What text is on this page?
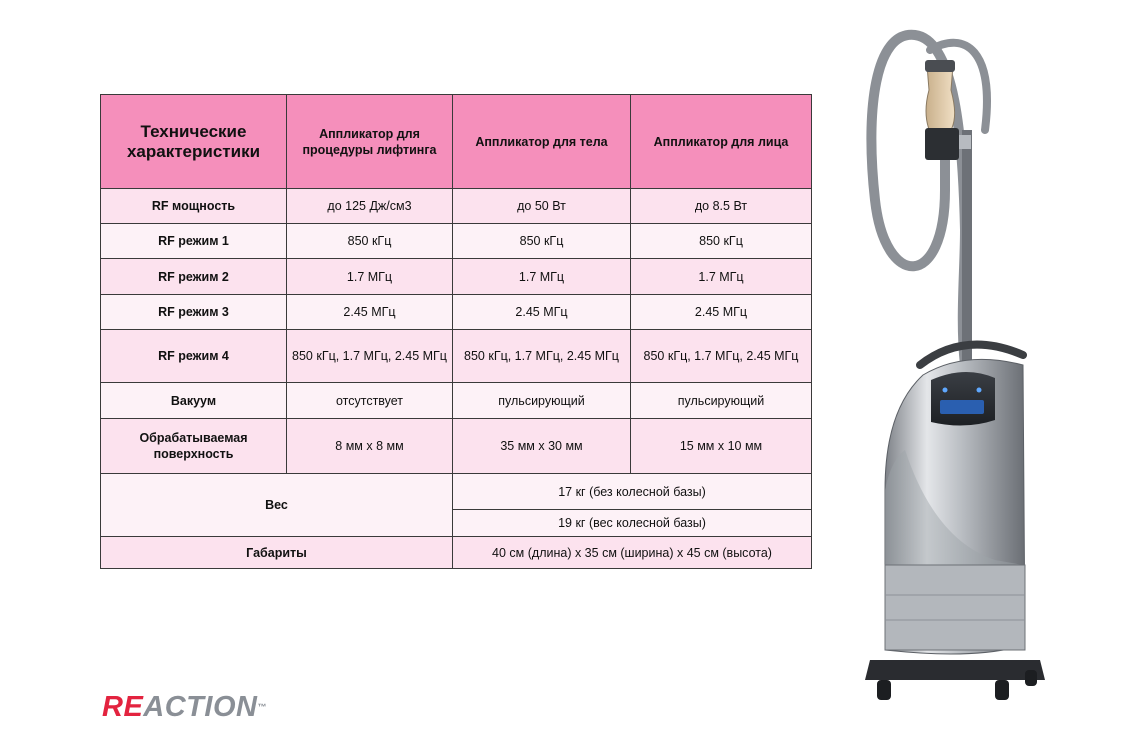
Технические характеристики	Аппликатор для процедуры лифтинга	Аппликатор для тела	Аппликатор для лица
RF мощность	до 125 Дж/см3	до 50 Вт	до 8.5 Вт
RF режим 1	850 кГц	850 кГц	850 кГц
RF режим 2	1.7 МГц	1.7 МГц	1.7 МГц
RF режим 3	2.45 МГц	2.45 МГц	2.45 МГц
RF режим 4	850 кГц, 1.7 МГц, 2.45 МГц	850 кГц, 1.7 МГц, 2.45 МГц	850 кГц, 1.7 МГц, 2.45 МГц
Вакуум	отсутствует	пульсирующий	пульсирующий
Обрабатываемая поверхность	8 мм х 8 мм	35 мм х 30 мм	15 мм х 10 мм
Вес		17 кг (без колесной базы)	
		19 кг (вес колесной базы)	
Габариты		40 см (длина) х 35 см (ширина) х 45 см (высота)	
REACTION™
